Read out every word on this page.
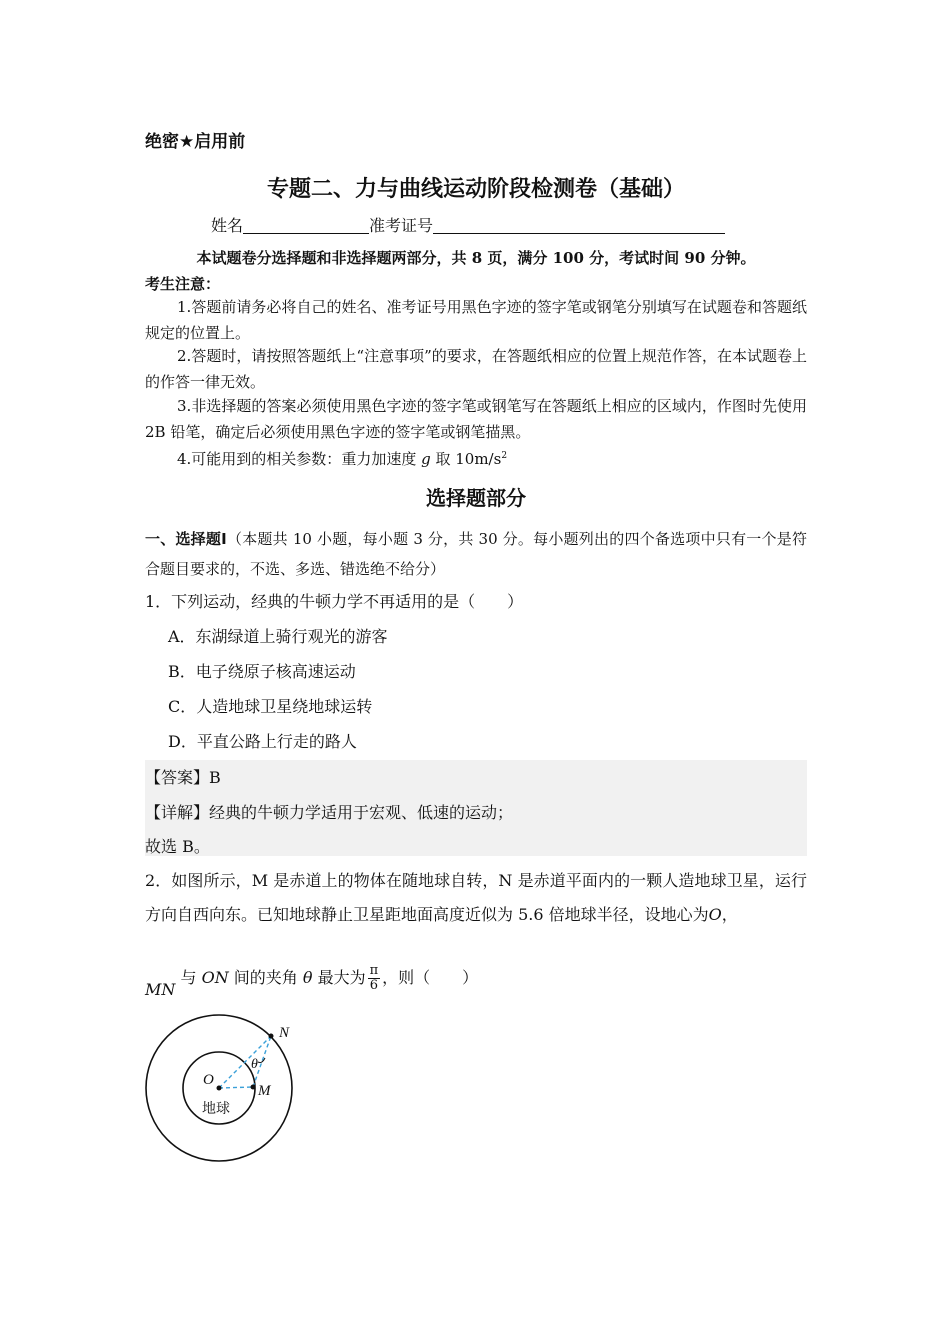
绝密★启用前
专题二、力与曲线运动阶段检测卷（基础）
姓名	准考证号
本试题卷分选择题和非选择题两部分，共 8 页，满分 100 分，考试时间 90 分钟。
考生注意：
1.答题前请务必将自己的姓名、准考证号用黑色字迹的签字笔或钢笔分别填写在试题卷和答题纸规定的位置上。
2.答题时，请按照答题纸上“注意事项”的要求，在答题纸相应的位置上规范作答，在本试题卷上的作答一律无效。
3.非选择题的答案必须使用黑色字迹的签字笔或钢笔写在答题纸上相应的区域内，作图时先使用 2B 铅笔，确定后必须使用黑色字迹的签字笔或钢笔描黑。
4.可能用到的相关参数：重力加速度 g 取 $10m/s^2$
选择题部分
一、选择题Ⅰ（本题共 10 小题，每小题 3 分，共 30 分。每小题列出的四个备选项中只有一个是符合题目要求的，不选、多选、错选绝不给分）
1．下列运动，经典的牛顿力学不再适用的是（　　）
A．东湖绿道上骑行观光的游客
B．电子绕原子核高速运动
C．人造地球卫星绕地球运转
D．平直公路上行走的路人
【答案】B
【详解】经典的牛顿力学适用于宏观、低速的运动；
故选 B。
2．如图所示，M 是赤道上的物体在随地球自转，N 是赤道平面内的一颗人造地球卫星，运行方向自西向东。已知地球静止卫星距地面高度近似为 5.6 倍地球半径，设地心为O，
MN 与 ON 间的夹角 θ 最大为 $\frac{\pi}{6}$ ，则（　　）
N
O
M
θ
地球
